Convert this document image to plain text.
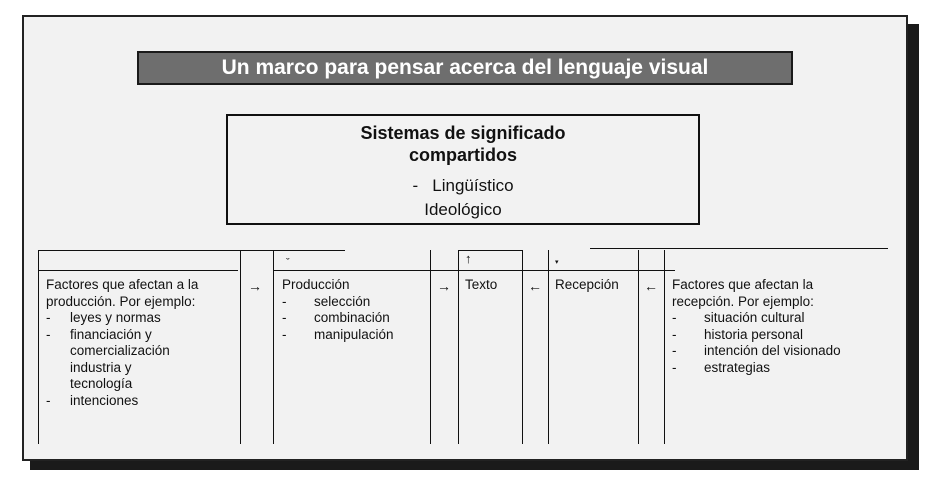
Un marco para pensar acerca del lenguaje visual
Sistemas de significado
compartidos
-   Lingüístico
Ideológico
ˇ	↑	▾
Factores que afectan a la
producción. Por ejemplo:
-	leyes y normas
-	financiación y
comercialización
industria y
tecnología
-	intenciones
→ Producción
-	selección
-	combinación
-	manipulación
→ Texto ← Recepción ← Factores que afectan la
recepción. Por ejemplo:
-	situación cultural
-	historia personal
-	intención del visionado
-	estrategias
